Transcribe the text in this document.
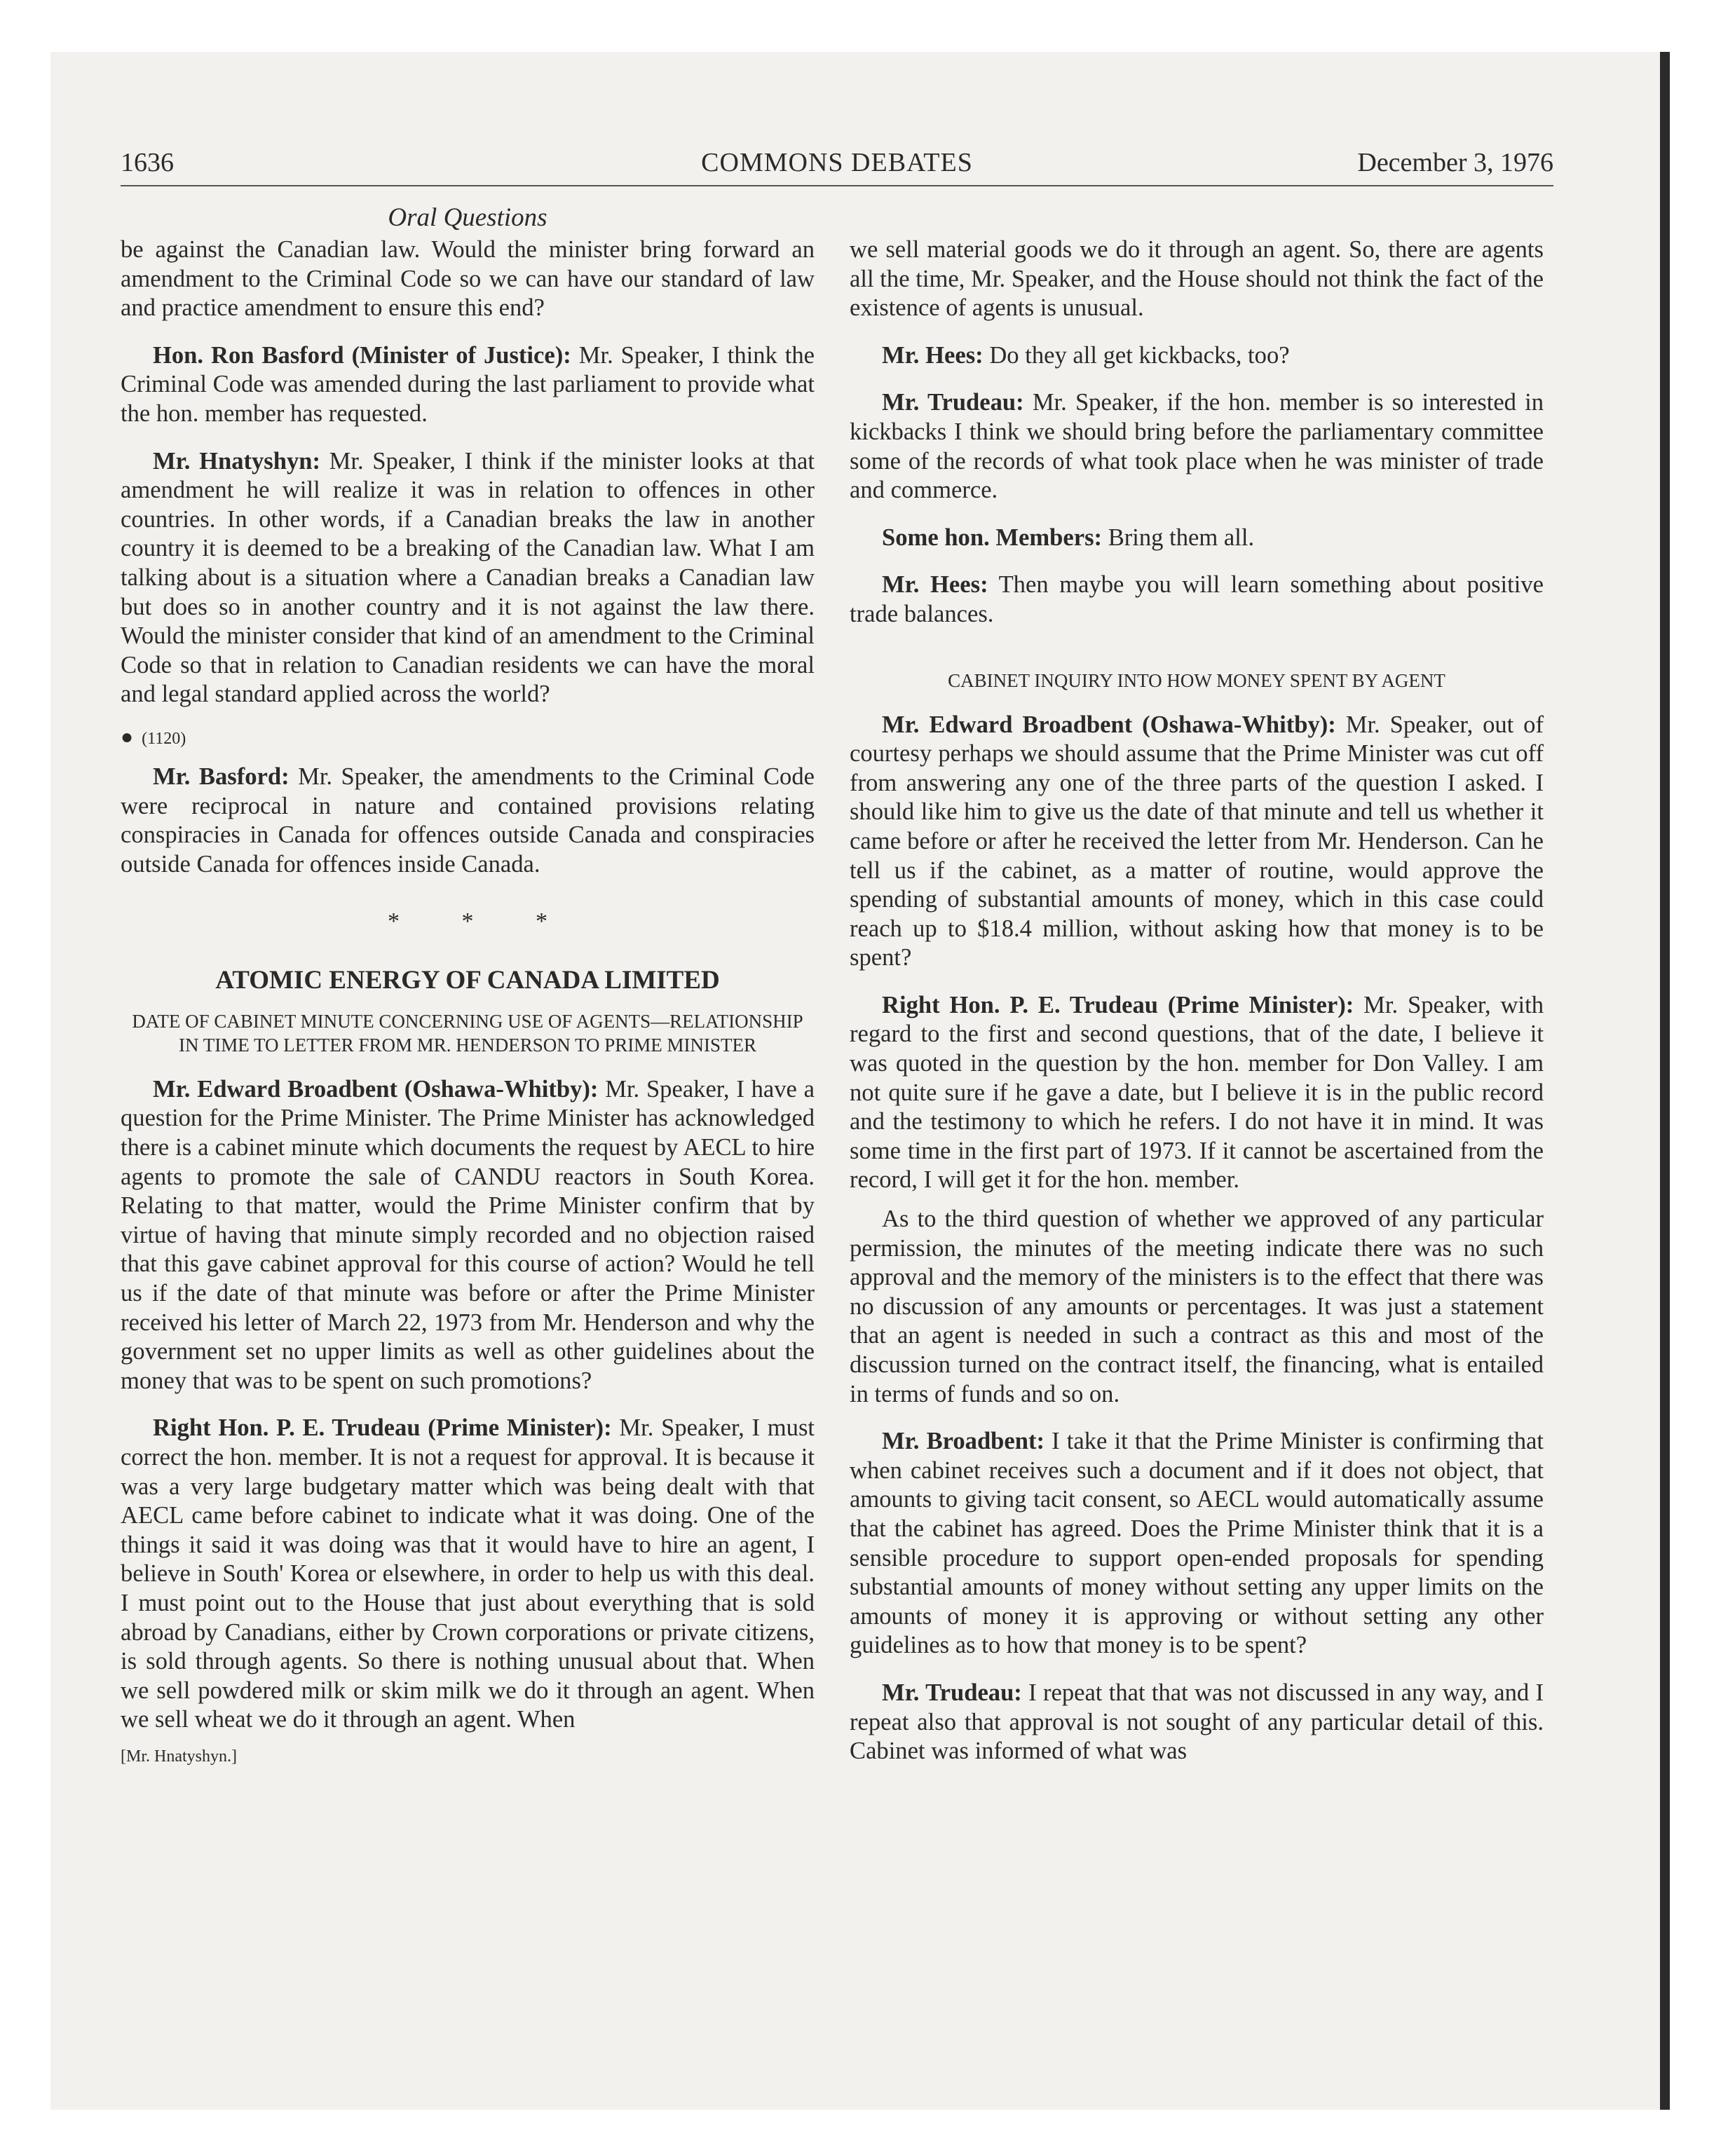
1636	COMMONS DEBATES	December 3, 1976
Oral Questions

be against the Canadian law. Would the minister bring forward an amendment to the Criminal Code so we can have our standard of law and practice amendment to ensure this end?

Hon. Ron Basford (Minister of Justice): Mr. Speaker, I think the Criminal Code was amended during the last parliament to provide what the hon. member has requested.

Mr. Hnatyshyn: Mr. Speaker, I think if the minister looks at that amendment he will realize it was in relation to offences in other countries. In other words, if a Canadian breaks the law in another country it is deemed to be a breaking of the Canadian law. What I am talking about is a situation where a Canadian breaks a Canadian law but does so in another country and it is not against the law there. Would the minister consider that kind of an amendment to the Criminal Code so that in relation to Canadian residents we can have the moral and legal standard applied across the world?

● (1120)

Mr. Basford: Mr. Speaker, the amendments to the Criminal Code were reciprocal in nature and contained provisions relating conspiracies in Canada for offences outside Canada and conspiracies outside Canada for offences inside Canada.

* * *
ATOMIC ENERGY OF CANADA LIMITED
DATE OF CABINET MINUTE CONCERNING USE OF AGENTS—RELATIONSHIP IN TIME TO LETTER FROM MR. HENDERSON TO PRIME MINISTER

Mr. Edward Broadbent (Oshawa-Whitby): Mr. Speaker, I have a question for the Prime Minister. The Prime Minister has acknowledged there is a cabinet minute which documents the request by AECL to hire agents to promote the sale of CANDU reactors in South Korea. Relating to that matter, would the Prime Minister confirm that by virtue of having that minute simply recorded and no objection raised that this gave cabinet approval for this course of action? Would he tell us if the date of that minute was before or after the Prime Minister received his letter of March 22, 1973 from Mr. Henderson and why the government set no upper limits as well as other guidelines about the money that was to be spent on such promotions?

Right Hon. P. E. Trudeau (Prime Minister): Mr. Speaker, I must correct the hon. member. It is not a request for approval. It is because it was a very large budgetary matter which was being dealt with that AECL came before cabinet to indicate what it was doing. One of the things it said it was doing was that it would have to hire an agent, I believe in South' Korea or elsewhere, in order to help us with this deal. I must point out to the House that just about everything that is sold abroad by Canadians, either by Crown corporations or private citizens, is sold through agents. So there is nothing unusual about that. When we sell powdered milk or skim milk we do it through an agent. When we sell wheat we do it through an agent. When

[Mr. Hnatyshyn.]

we sell material goods we do it through an agent. So, there are agents all the time, Mr. Speaker, and the House should not think the fact of the existence of agents is unusual.

Mr. Hees: Do they all get kickbacks, too?

Mr. Trudeau: Mr. Speaker, if the hon. member is so interested in kickbacks I think we should bring before the parliamentary committee some of the records of what took place when he was minister of trade and commerce.

Some hon. Members: Bring them all.

Mr. Hees: Then maybe you will learn something about positive trade balances.

CABINET INQUIRY INTO HOW MONEY SPENT BY AGENT

Mr. Edward Broadbent (Oshawa-Whitby): Mr. Speaker, out of courtesy perhaps we should assume that the Prime Minister was cut off from answering any one of the three parts of the question I asked. I should like him to give us the date of that minute and tell us whether it came before or after he received the letter from Mr. Henderson. Can he tell us if the cabinet, as a matter of routine, would approve the spending of substantial amounts of money, which in this case could reach up to $18.4 million, without asking how that money is to be spent?

Right Hon. P. E. Trudeau (Prime Minister): Mr. Speaker, with regard to the first and second questions, that of the date, I believe it was quoted in the question by the hon. member for Don Valley. I am not quite sure if he gave a date, but I believe it is in the public record and the testimony to which he refers. I do not have it in mind. It was some time in the first part of 1973. If it cannot be ascertained from the record, I will get it for the hon. member.

As to the third question of whether we approved of any particular permission, the minutes of the meeting indicate there was no such approval and the memory of the ministers is to the effect that there was no discussion of any amounts or percentages. It was just a statement that an agent is needed in such a contract as this and most of the discussion turned on the contract itself, the financing, what is entailed in terms of funds and so on.

Mr. Broadbent: I take it that the Prime Minister is confirming that when cabinet receives such a document and if it does not object, that amounts to giving tacit consent, so AECL would automatically assume that the cabinet has agreed. Does the Prime Minister think that it is a sensible procedure to support open-ended proposals for spending substantial amounts of money without setting any upper limits on the amounts of money it is approving or without setting any other guidelines as to how that money is to be spent?

Mr. Trudeau: I repeat that that was not discussed in any way, and I repeat also that approval is not sought of any particular detail of this. Cabinet was informed of what was
